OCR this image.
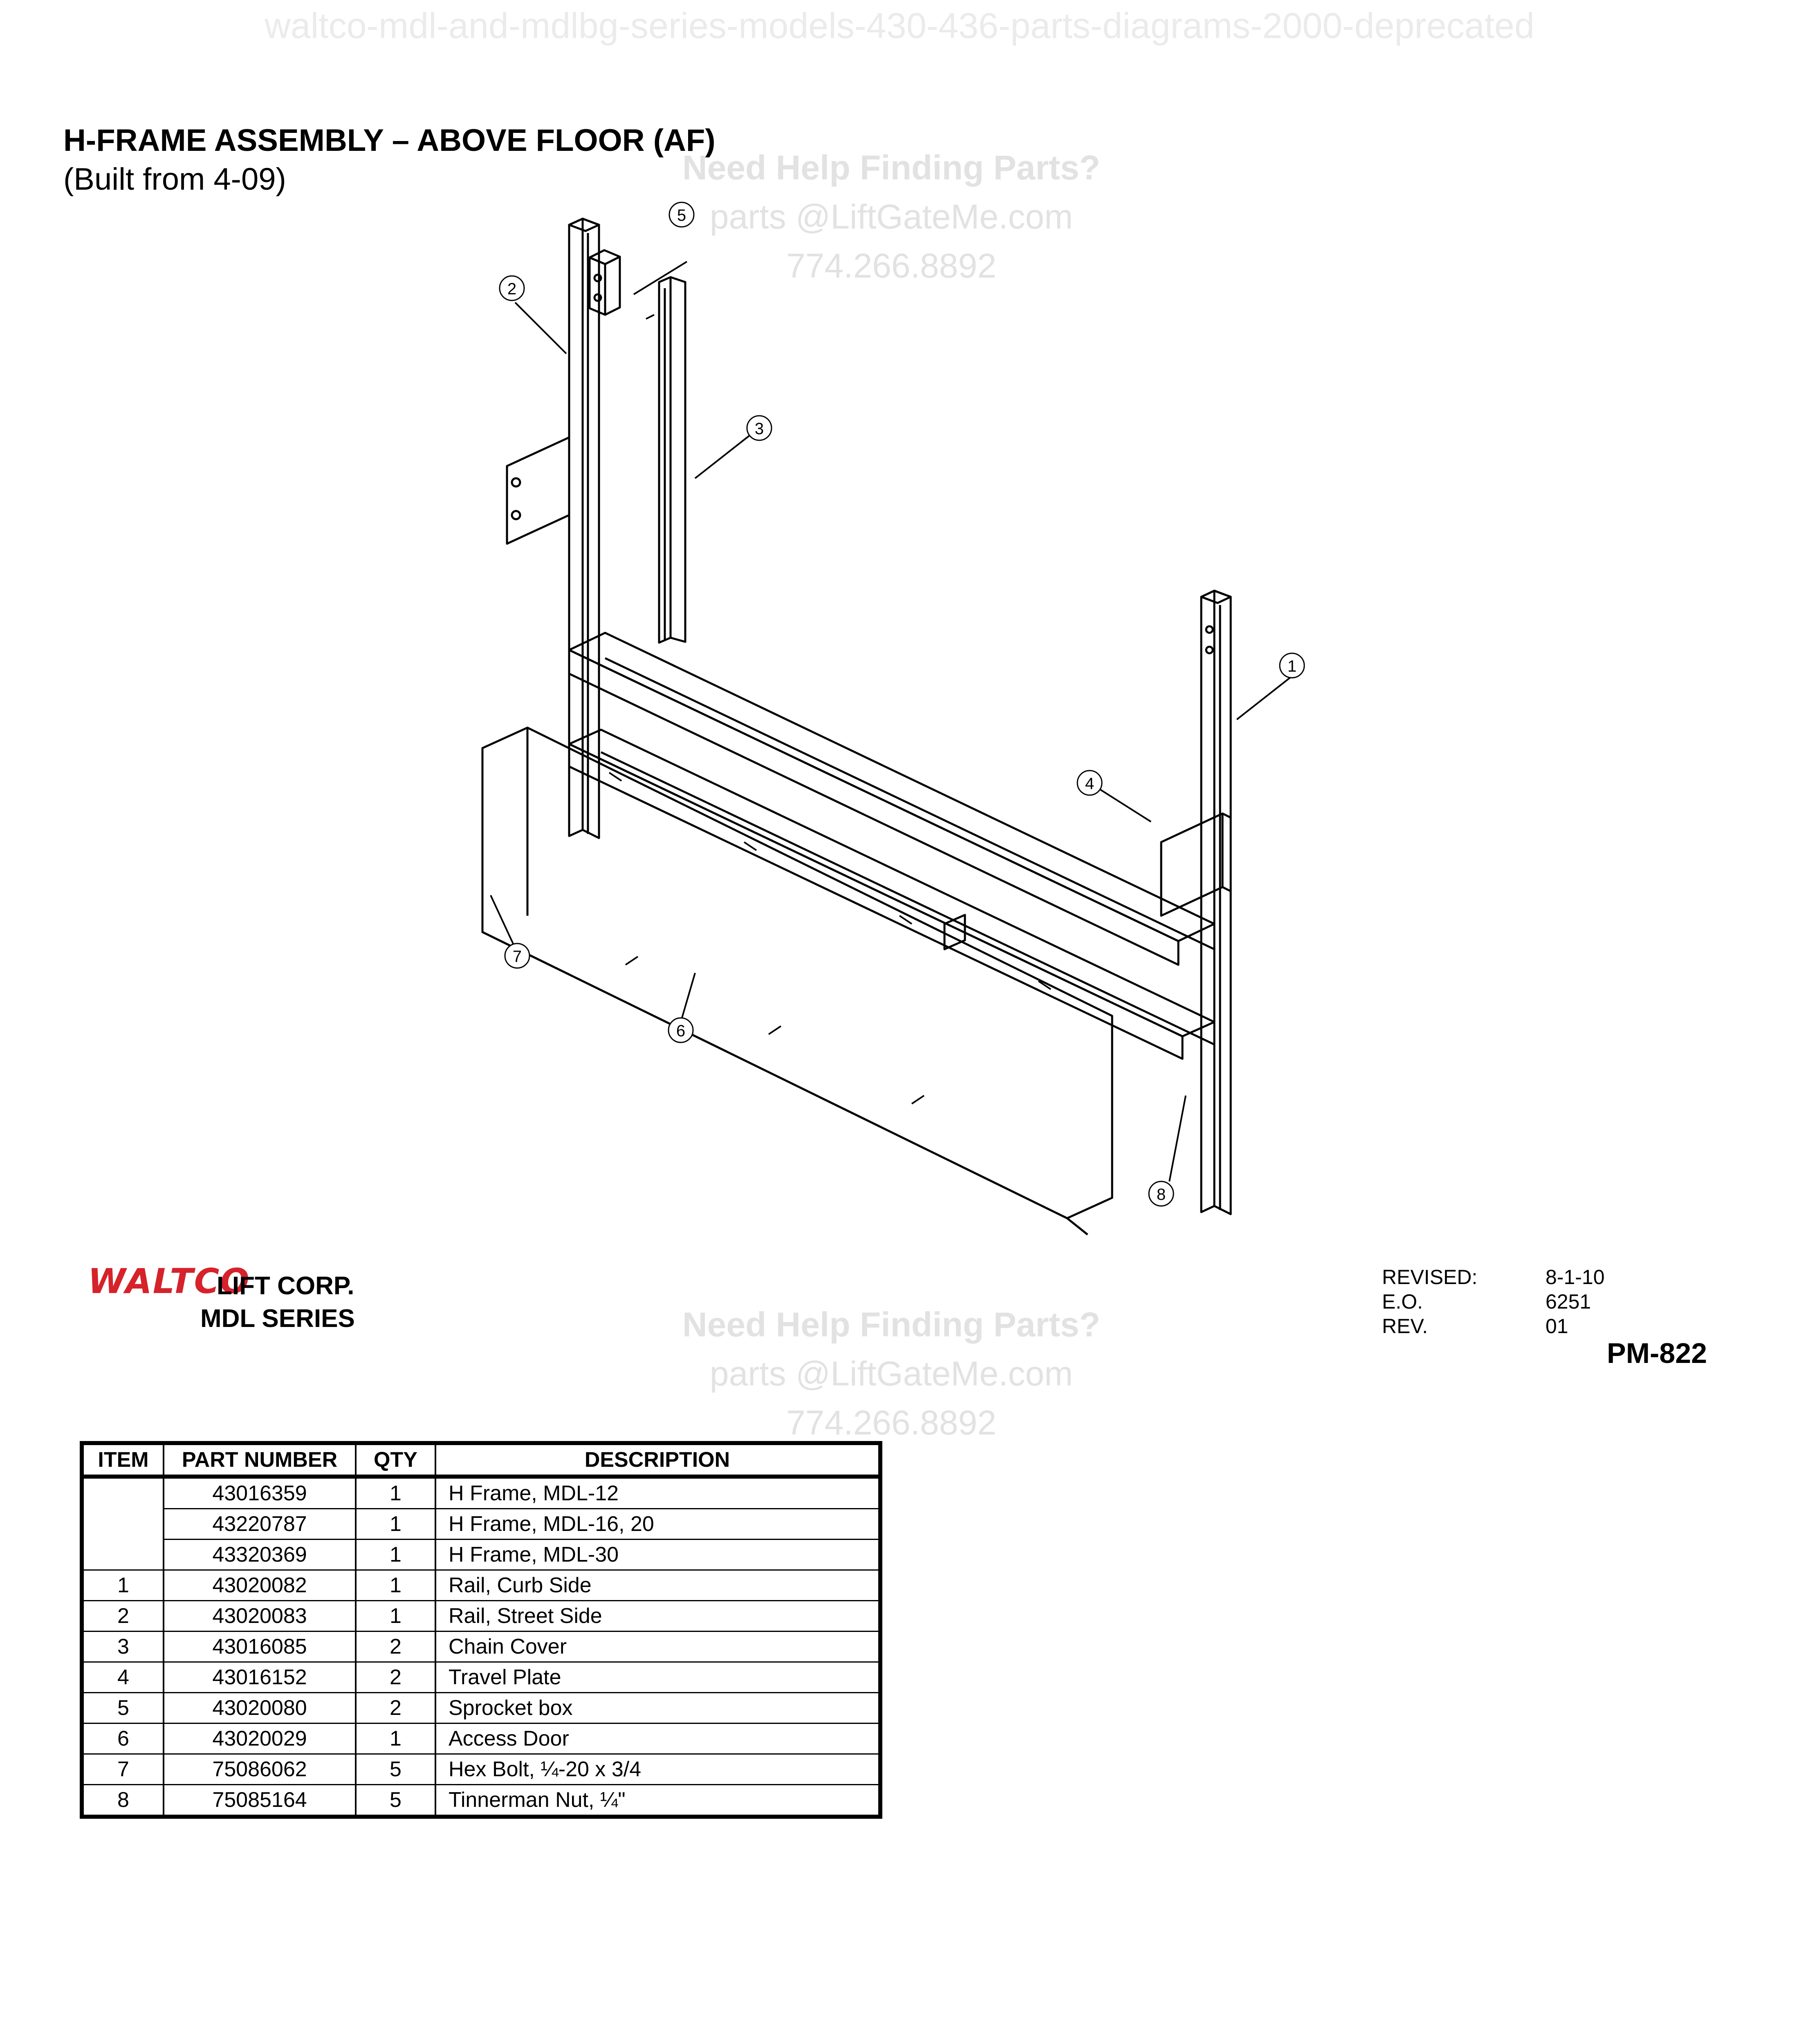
waltco-mdl-and-mdlbg-series-models-430-436-parts-diagrams-2000-deprecated
H-FRAME ASSEMBLY – ABOVE FLOOR (AF)
(Built from 4-09)	Need Help Finding Parts?
parts @LiftGateMe.com
774.266.8892
5
2
3
1
4
7
6
8
WALTCO
LIFT CORP.
MDL SERIES	Need Help Finding Parts?
parts @LiftGateMe.com
774.266.8892
REVISED:	8-1-10
E.O.	6251
REV.	01
PM-822
ITEM	PART NUMBER	QTY	DESCRIPTION
	43016359	1	H Frame, MDL-12
	43220787	1	H Frame, MDL-16, 20
	43320369	1	H Frame, MDL-30
1	43020082	1	Rail, Curb Side
2	43020083	1	Rail, Street Side
3	43016085	2	Chain Cover
4	43016152	2	Travel Plate
5	43020080	2	Sprocket box
6	43020029	1	Access Door
7	75086062	5	Hex Bolt, ¼-20 x 3/4
8	75085164	5	Tinnerman Nut, ¼"
